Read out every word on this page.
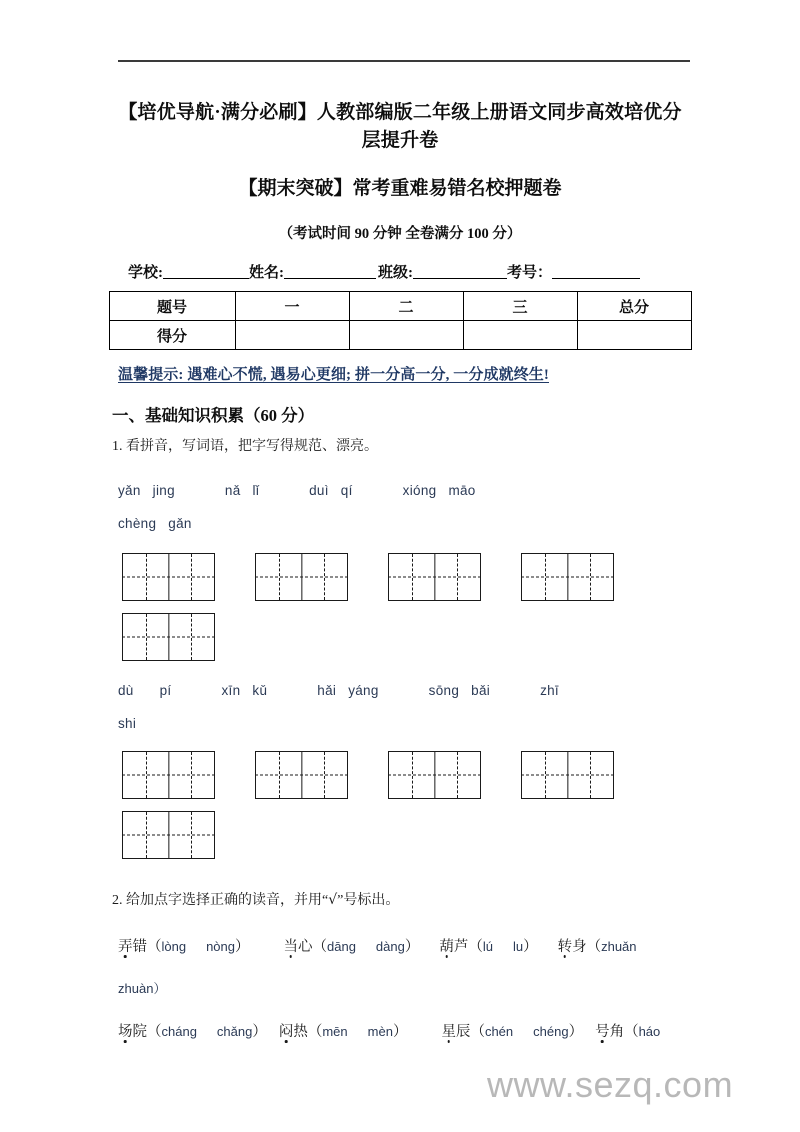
【培优导航·满分必刷】人教部编版二年级上册语文同步高效培优分
层提升卷
【期末突破】常考重难易错名校押题卷
（考试时间 90 分钟 全卷满分 100 分）
学校:	姓名:	班级:	考号：
题号	一	二	三	总分
得分				
温馨提示: 遇难心不慌, 遇易心更细; 拼一分高一分, 一分成就终生!
一、基础知识积累（60 分）
1. 看拼音，写词语，把字写得规范、漂亮。
yǎn jing	nǎ lǐ	duì qí	xióng māo
chèng gǎn
dù pí	xīn kǔ	hǎi yáng	sōng bǎi	zhī
shi
2. 给加点字选择正确的读音，并用“√”号标出。
弄错（lòng nòng） 当心（dāng dàng） 葫芦（lú lu） 转身（zhuǎn
zhuàn）
场院（cháng chǎng） 闷热（mēn mèn） 星辰（chén chéng） 号角（háo
www.sezq.com
